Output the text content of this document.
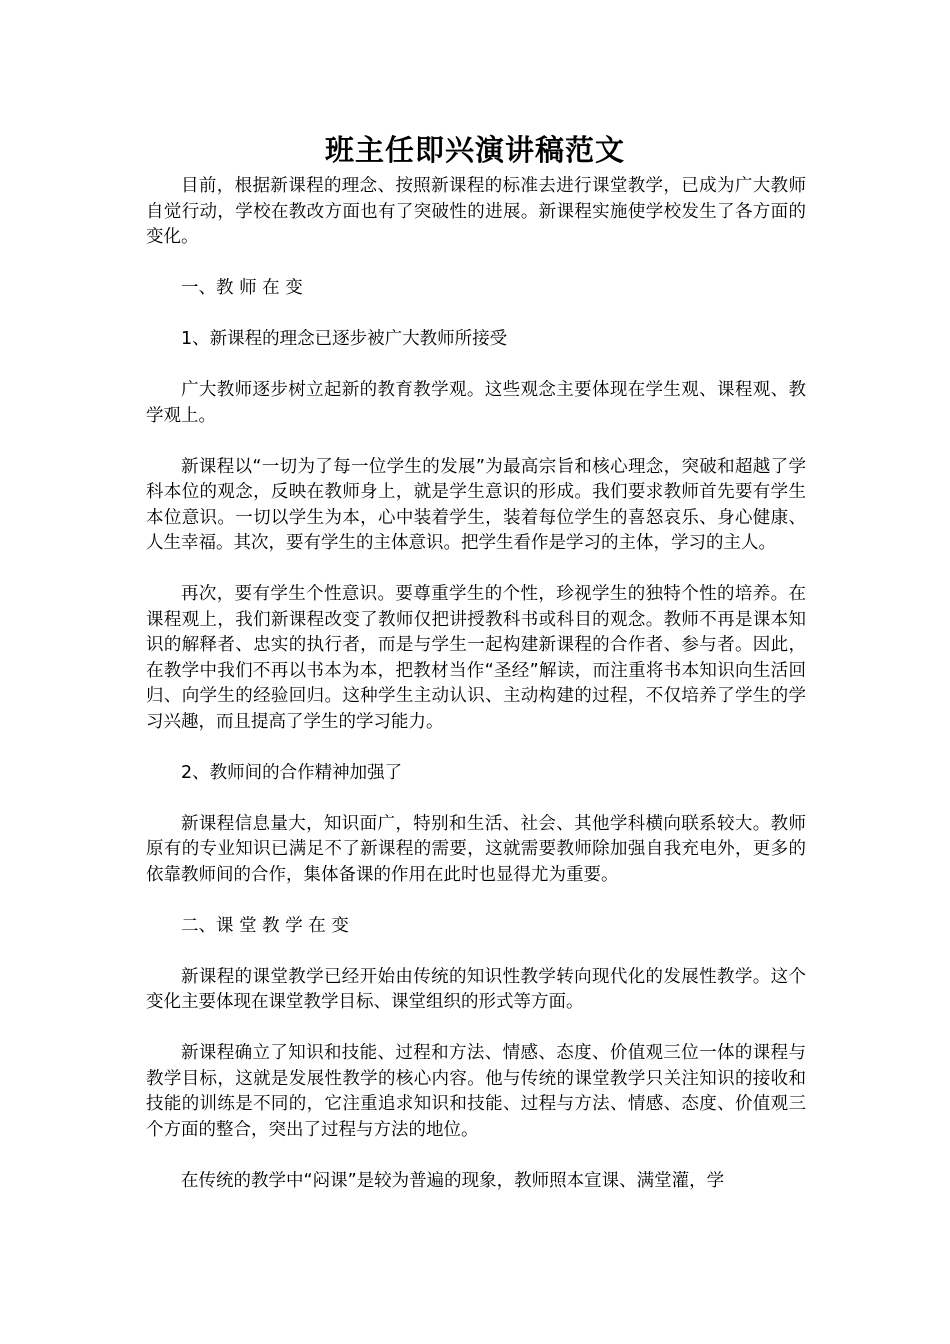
班主任即兴演讲稿范文

目前，根据新课程的理念、按照新课程的标准去进行课堂教学，已成为广大教师自觉行动，学校在教改方面也有了突破性的进展。新课程实施使学校发生了各方面的变化。

一、教 师 在 变

1、新课程的理念已逐步被广大教师所接受

广大教师逐步树立起新的教育教学观。这些观念主要体现在学生观、课程观、教学观上。

新课程以“一切为了每一位学生的发展”为最高宗旨和核心理念，突破和超越了学科本位的观念，反映在教师身上，就是学生意识的形成。我们要求教师首先要有学生本位意识。一切以学生为本，心中装着学生，装着每位学生的喜怒哀乐、身心健康、人生幸福。其次，要有学生的主体意识。把学生看作是学习的主体，学习的主人。

再次，要有学生个性意识。要尊重学生的个性，珍视学生的独特个性的培养。在课程观上，我们新课程改变了教师仅把讲授教科书或科目的观念。教师不再是课本知识的解释者、忠实的执行者，而是与学生一起构建新课程的合作者、参与者。因此，在教学中我们不再以书本为本，把教材当作“圣经”解读，而注重将书本知识向生活回归、向学生的经验回归。这种学生主动认识、主动构建的过程，不仅培养了学生的学习兴趣，而且提高了学生的学习能力。

2、教师间的合作精神加强了

新课程信息量大，知识面广，特别和生活、社会、其他学科横向联系较大。教师原有的专业知识已满足不了新课程的需要，这就需要教师除加强自我充电外，更多的依靠教师间的合作，集体备课的作用在此时也显得尤为重要。

二、课 堂 教 学 在 变

新课程的课堂教学已经开始由传统的知识性教学转向现代化的发展性教学。这个变化主要体现在课堂教学目标、课堂组织的形式等方面。

新课程确立了知识和技能、过程和方法、情感、态度、价值观三位一体的课程与教学目标，这就是发展性教学的核心内容。他与传统的课堂教学只关注知识的接收和技能的训练是不同的，它注重追求知识和技能、过程与方法、情感、态度、价值观三个方面的整合，突出了过程与方法的地位。

在传统的教学中“闷课”是较为普遍的现象，教师照本宣课、满堂灌，学
